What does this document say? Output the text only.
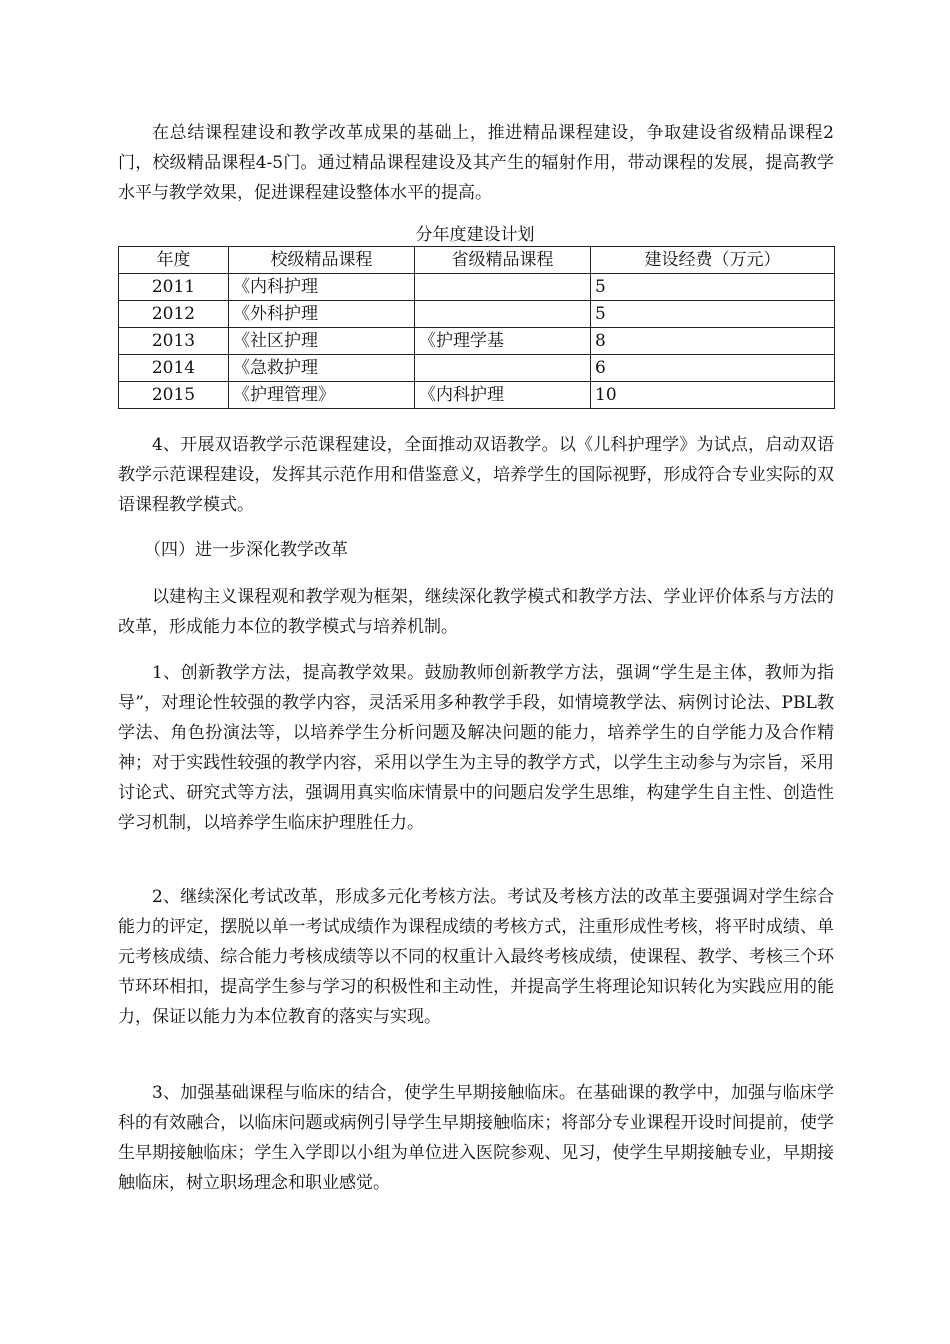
在总结课程建设和教学改革成果的基础上，推进精品课程建设，争取建设省级精品课程2门，校级精品课程4-5门。通过精品课程建设及其产生的辐射作用，带动课程的发展，提高教学水平与教学效果，促进课程建设整体水平的提高。

分年度建设计划

年度	校级精品课程	省级精品课程	建设经费（万元）
2011	《内科护理		5
2012	《外科护理		5
2013	《社区护理	《护理学基	8
2014	《急救护理		6
2015	《护理管理》	《内科护理	10

4、开展双语教学示范课程建设，全面推动双语教学。以《儿科护理学》为试点，启动双语教学示范课程建设，发挥其示范作用和借鉴意义，培养学生的国际视野，形成符合专业实际的双语课程教学模式。

（四）进一步深化教学改革

以建构主义课程观和教学观为框架，继续深化教学模式和教学方法、学业评价体系与方法的改革，形成能力本位的教学模式与培养机制。

1、创新教学方法，提高教学效果。鼓励教师创新教学方法，强调“学生是主体，教师为指导”，对理论性较强的教学内容，灵活采用多种教学手段，如情境教学法、病例讨论法、PBL教学法、角色扮演法等，以培养学生分析问题及解决问题的能力，培养学生的自学能力及合作精神；对于实践性较强的教学内容，采用以学生为主导的教学方式，以学生主动参与为宗旨，采用讨论式、研究式等方法，强调用真实临床情景中的问题启发学生思维，构建学生自主性、创造性学习机制，以培养学生临床护理胜任力。

2、继续深化考试改革，形成多元化考核方法。考试及考核方法的改革主要强调对学生综合能力的评定，摆脱以单一考试成绩作为课程成绩的考核方式，注重形成性考核，将平时成绩、单元考核成绩、综合能力考核成绩等以不同的权重计入最终考核成绩，使课程、教学、考核三个环节环环相扣，提高学生参与学习的积极性和主动性，并提高学生将理论知识转化为实践应用的能力，保证以能力为本位教育的落实与实现。

3、加强基础课程与临床的结合，使学生早期接触临床。在基础课的教学中，加强与临床学科的有效融合，以临床问题或病例引导学生早期接触临床；将部分专业课程开设时间提前，使学生早期接触临床；学生入学即以小组为单位进入医院参观、见习，使学生早期接触专业，早期接触临床，树立职场理念和职业感觉。
